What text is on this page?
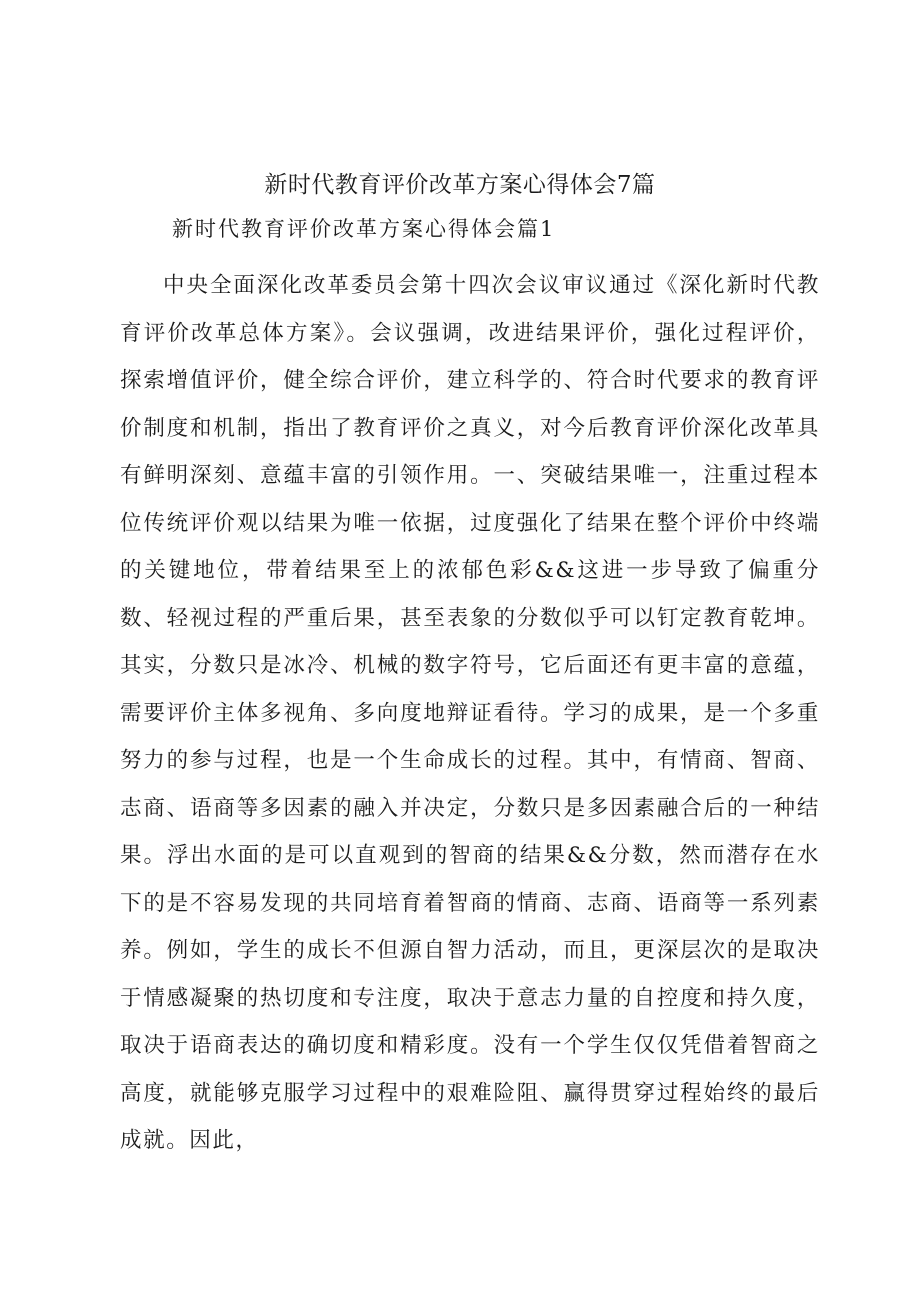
新时代教育评价改革方案心得体会7篇
新时代教育评价改革方案心得体会篇1

中央全面深化改革委员会第十四次会议审议通过《深化新时代教育评价改革总体方案》。会议强调，改进结果评价，强化过程评价，探索增值评价，健全综合评价，建立科学的、符合时代要求的教育评价制度和机制，指出了教育评价之真义，对今后教育评价深化改革具有鲜明深刻、意蕴丰富的引领作用。一、突破结果唯一，注重过程本位传统评价观以结果为唯一依据，过度强化了结果在整个评价中终端的关键地位，带着结果至上的浓郁色彩&&这进一步导致了偏重分数、轻视过程的严重后果，甚至表象的分数似乎可以钉定教育乾坤。其实，分数只是冰冷、机械的数字符号，它后面还有更丰富的意蕴，需要评价主体多视角、多向度地辩证看待。学习的成果，是一个多重努力的参与过程，也是一个生命成长的过程。其中，有情商、智商、志商、语商等多因素的融入并决定，分数只是多因素融合后的一种结果。浮出水面的是可以直观到的智商的结果&&分数，然而潜存在水下的是不容易发现的共同培育着智商的情商、志商、语商等一系列素养。例如，学生的成长不但源自智力活动，而且，更深层次的是取决于情感凝聚的热切度和专注度，取决于意志力量的自控度和持久度，取决于语商表达的确切度和精彩度。没有一个学生仅仅凭借着智商之高度，就能够克服学习过程中的艰难险阻、赢得贯穿过程始终的最后成就。因此，
